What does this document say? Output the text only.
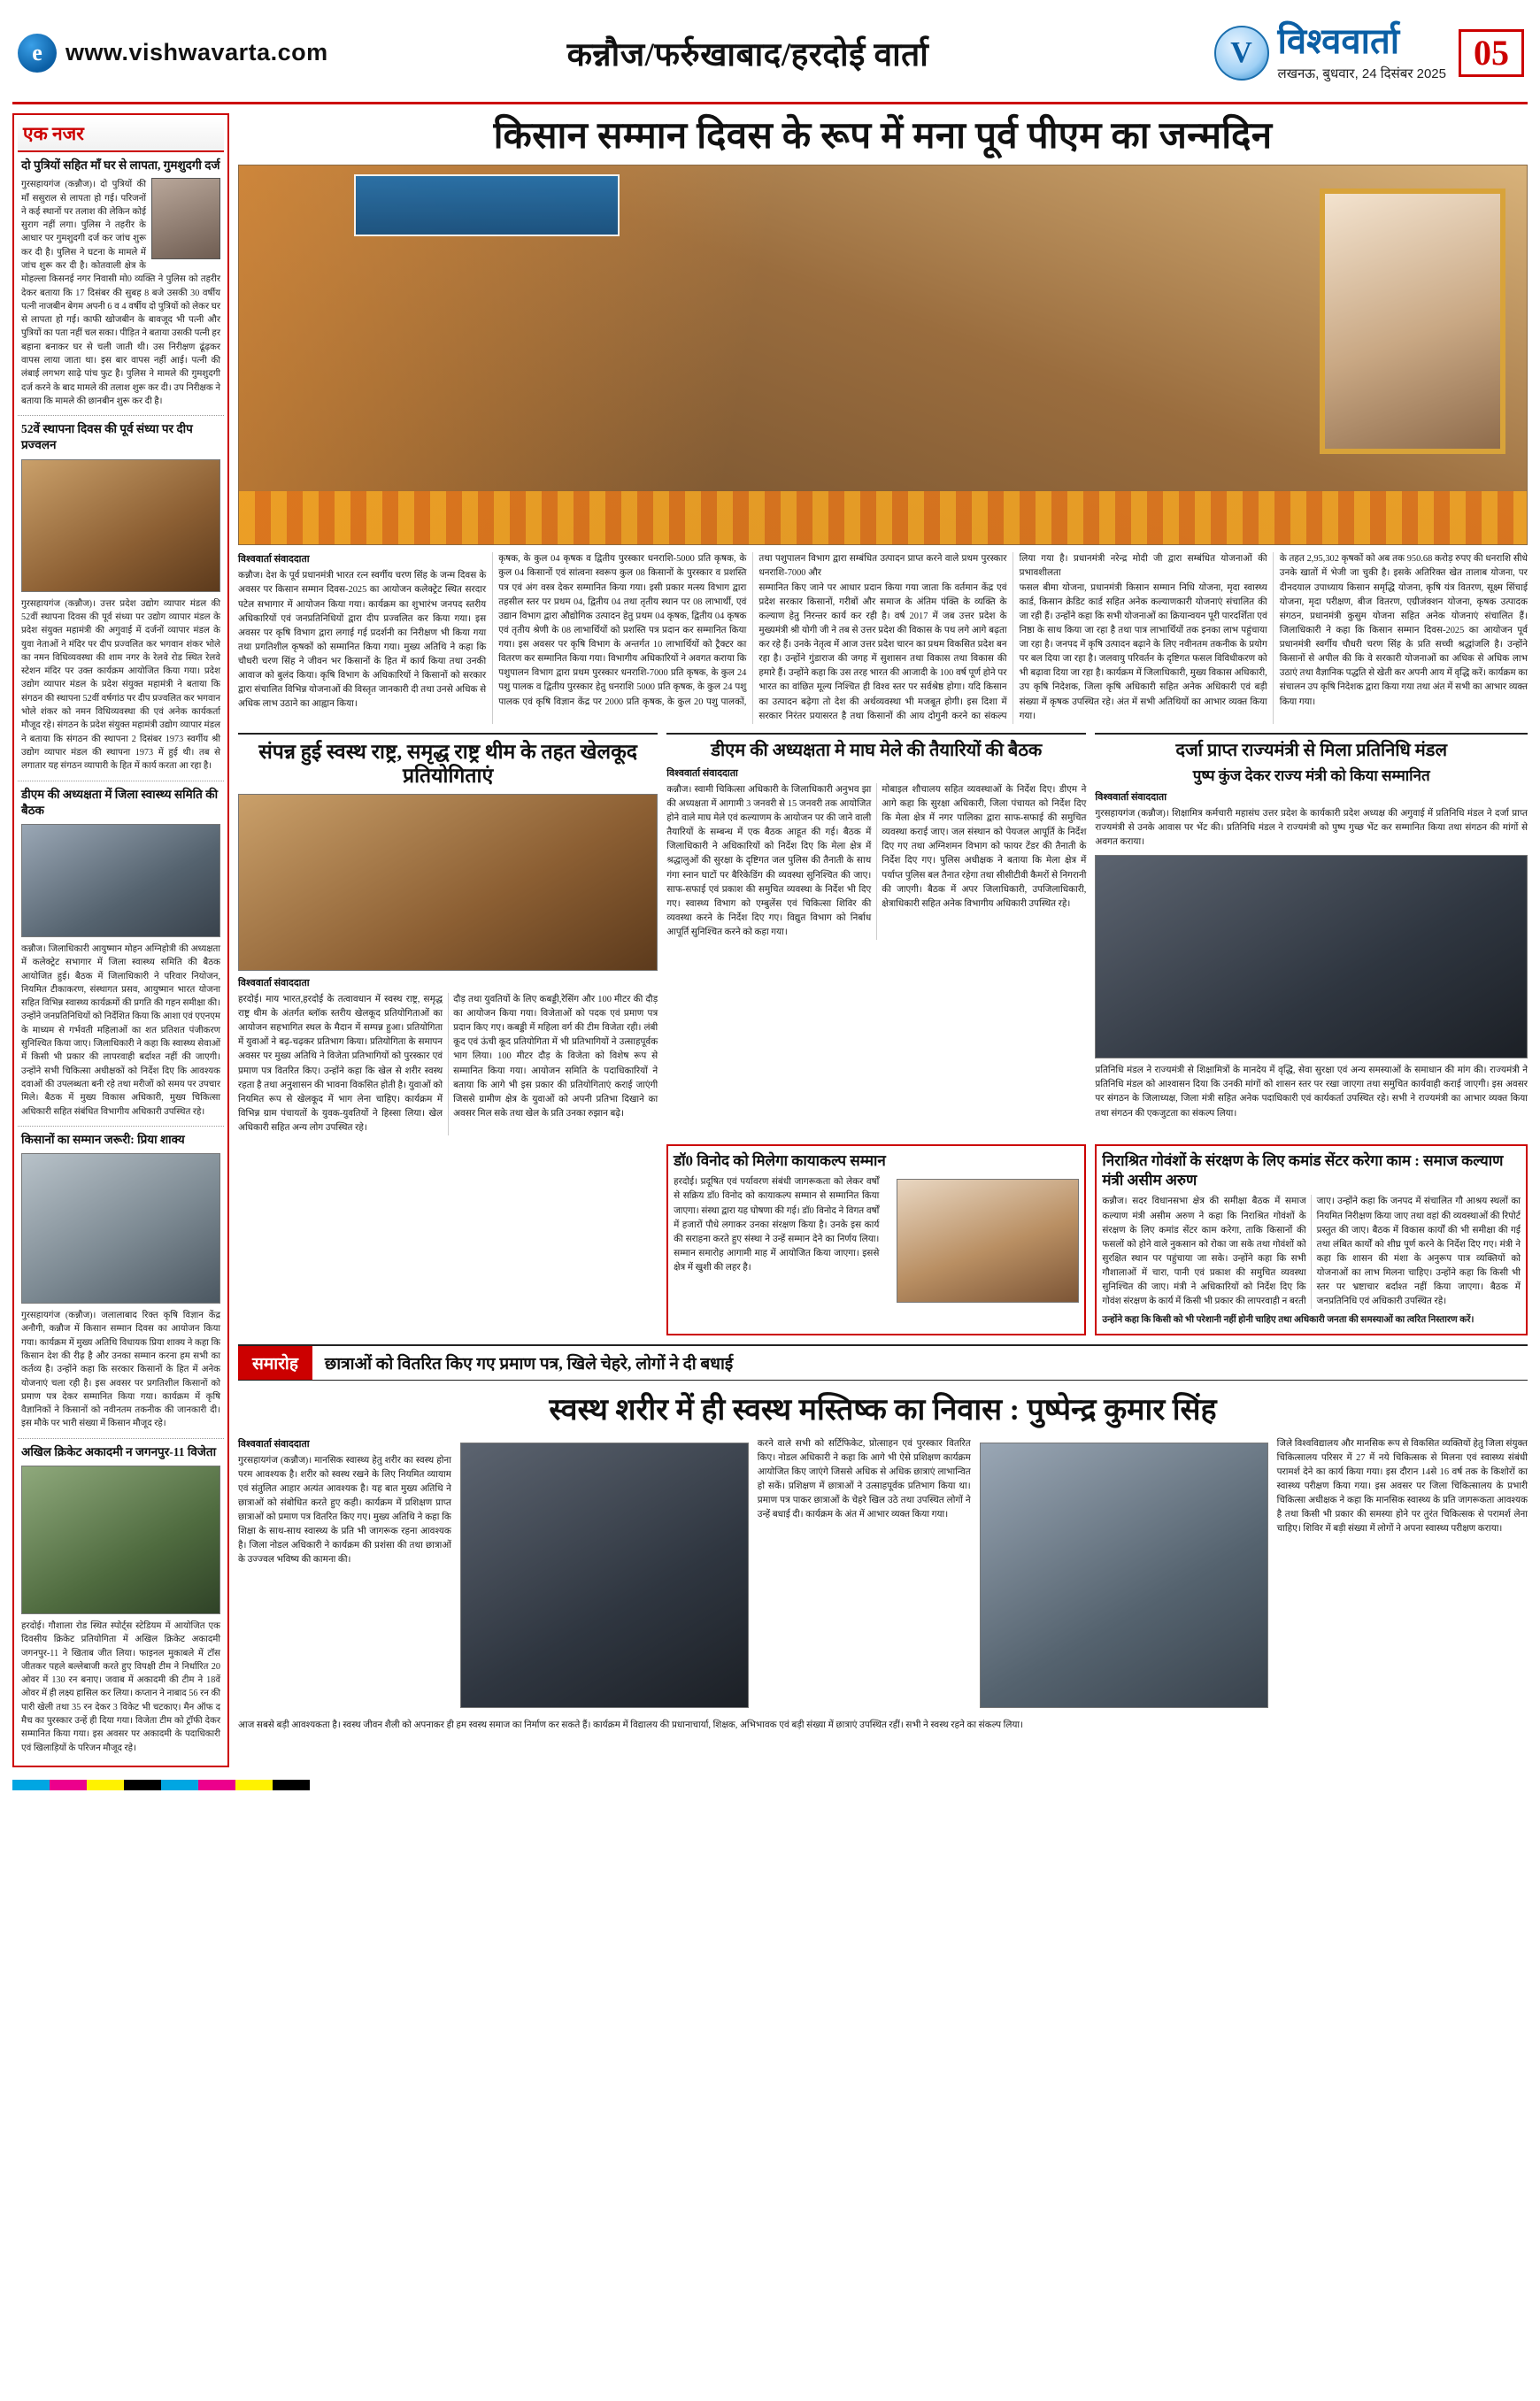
e www.vishwavarta.com	कन्नौज/फर्रुखाबाद/हरदोई वार्ता	V विश्ववार्ता
लखनऊ, बुधवार, 24 दिसंबर 2025
05
एक नजर
दो पुत्रियों सहित माँ घर से लापता, गुमशुदगी दर्ज
गुरसहायगंज (कन्नौज)। दो पुत्रियों की माँ ससुराल से लापता हो गई। परिजनों ने कई स्थानों पर तलाश की लेकिन कोई सुराग नहीं लगा। पुलिस ने तहरीर के आधार पर गुमशुदगी दर्ज कर जांच शुरू कर दी है। पुलिस ने घटना के मामले में जांच शुरू कर दी है। कोतवाली क्षेत्र के मोहल्ला किसनई नगर निवासी मो0 व्यक्ति ने पुलिस को तहरीर देकर बताया कि 17 दिसंबर की सुबह 8 बजे उसकी 30 वर्षीय पत्नी नाजबीन बेगम अपनी 6 व 4 वर्षीय दो पुत्रियों को लेकर घर से लापता हो गई। काफी खोजबीन के बावजूद भी पत्नी और पुत्रियों का पता नहीं चल सका। पीड़ित ने बताया उसकी पत्नी हर बहाना बनाकर घर से चली जाती थी। उस निरीक्षण ढूंढ़कर वापस लाया जाता था। इस बार वापस नहीं आई। पत्नी की लंबाई लगभग साढ़े पांच फुट है। पुलिस ने मामले की गुमशुदगी दर्ज करने के बाद मामले की तलाश शुरू कर दी। उप निरीक्षक ने बताया कि मामले की छानबीन शुरू कर दी है।
52वें स्थापना दिवस की पूर्व संध्या पर दीप प्रज्वलन
गुरसहायगंज (कन्नौज)। उत्तर प्रदेश उद्योग व्यापार मंडल की 52वीं स्थापना दिवस की पूर्व संध्या पर उद्योग व्यापार मंडल के प्रदेश संयुक्त महामंत्री की अगुवाई में दर्जनों व्यापार मंडल के युवा नेताओं ने मंदिर पर दीप प्रज्वलित कर भगवान शंकर भोले का नमन विधिव्यवस्था की शाम नगर के रेलवे रोड स्थित रेलवे स्टेशन मंदिर पर उक्त कार्यक्रम आयोजित किया गया। प्रदेश उद्योग व्यापार मंडल के प्रदेश संयुक्त महामंत्री ने बताया कि संगठन की स्थापना 52वीं वर्षगांठ पर दीप प्रज्वलित कर भगवान भोले शंकर को नमन विधिव्यवस्था की एवं अनेक कार्यकर्ता मौजूद रहे। संगठन के प्रदेश संयुक्त महामंत्री उद्योग व्यापार मंडल ने बताया कि संगठन की स्थापना 2 दिसंबर 1973 स्वर्गीय श्री उद्योग व्यापार मंडल की स्थापना 1973 में हुई थी। तब से लगातार यह संगठन व्यापारी के हित में कार्य करता आ रहा है।
डीएम की अध्यक्षता में जिला स्वास्थ्य समिति की बैठक
कन्नौज। जिलाधिकारी आयुष्मान मोहन अग्निहोत्री की अध्यक्षता में कलेक्ट्रेट सभागार में जिला स्वास्थ्य समिति की बैठक आयोजित हुई। बैठक में जिलाधिकारी ने परिवार नियोजन, नियमित टीकाकरण, संस्थागत प्रसव, आयुष्मान भारत योजना सहित विभिन्न स्वास्थ्य कार्यक्रमों की प्रगति की गहन समीक्षा की। उन्होंने जनप्रतिनिधियों को निर्देशित किया कि आशा एवं एएनएम के माध्यम से गर्भवती महिलाओं का शत प्रतिशत पंजीकरण सुनिश्चित किया जाए। जिलाधिकारी ने कहा कि स्वास्थ्य सेवाओं में किसी भी प्रकार की लापरवाही बर्दाश्त नहीं की जाएगी। उन्होंने सभी चिकित्सा अधीक्षकों को निर्देश दिए कि आवश्यक दवाओं की उपलब्धता बनी रहे तथा मरीजों को समय पर उपचार मिले। बैठक में मुख्य विकास अधिकारी, मुख्य चिकित्सा अधिकारी सहित संबंधित विभागीय अधिकारी उपस्थित रहे।
किसानों का सम्मान जरूरी: प्रिया शाक्य
गुरसहायगंज (कन्नौज)। जलालाबाद रिक्त कृषि विज्ञान केंद्र अनौगी, कन्नौज में किसान सम्मान दिवस का आयोजन किया गया। कार्यक्रम में मुख्य अतिथि विधायक प्रिया शाक्य ने कहा कि किसान देश की रीढ़ है और उनका सम्मान करना हम सभी का कर्तव्य है। उन्होंने कहा कि सरकार किसानों के हित में अनेक योजनाएं चला रही है। इस अवसर पर प्रगतिशील किसानों को प्रमाण पत्र देकर सम्मानित किया गया। कार्यक्रम में कृषि वैज्ञानिकों ने किसानों को नवीनतम तकनीक की जानकारी दी। इस मौके पर भारी संख्या में किसान मौजूद रहे।
अखिल क्रिकेट अकादमी न जगनपुर-11 विजेता
हरदोई। गौशाला रोड स्थित स्पोर्ट्स स्टेडियम में आयोजित एक दिवसीय क्रिकेट प्रतियोगिता में अखिल क्रिकेट अकादमी जगनपुर-11 ने खिताब जीत लिया। फाइनल मुकाबले में टॉस जीतकर पहले बल्लेबाजी करते हुए विपक्षी टीम ने निर्धारित 20 ओवर में 130 रन बनाए। जवाब में अकादमी की टीम ने 18वें ओवर में ही लक्ष्य हासिल कर लिया। कप्तान ने नाबाद 56 रन की पारी खेली तथा 35 रन देकर 3 विकेट भी चटकाए। मैन ऑफ द मैच का पुरस्कार उन्हें ही दिया गया। विजेता टीम को ट्रॉफी देकर सम्मानित किया गया। इस अवसर पर अकादमी के पदाधिकारी एवं खिलाड़ियों के परिजन मौजूद रहे।
किसान सम्मान दिवस के रूप में मना पूर्व पीएम का जन्मदिन
विश्ववार्ता संवाददाता
कन्नौज। देश के पूर्व प्रधानमंत्री भारत रत्न स्वर्गीय चरण सिंह के जन्म दिवस के अवसर पर किसान सम्मान दिवस-2025 का आयोजन कलेक्ट्रेट स्थित सरदार पटेल सभागार में आयोजन किया गया। कार्यक्रम का शुभारंभ जनपद स्तरीय अधिकारियों एवं जनप्रतिनिधियों द्वारा दीप प्रज्वलित कर किया गया। इस अवसर पर कृषि विभाग द्वारा लगाई गई प्रदर्शनी का निरीक्षण भी किया गया तथा प्रगतिशील कृषकों को सम्मानित किया गया। मुख्य अतिथि ने कहा कि चौधरी चरण सिंह ने जीवन भर किसानों के हित में कार्य किया तथा उनकी आवाज को बुलंद किया। कृषि विभाग के अधिकारियों ने किसानों को सरकार द्वारा संचालित विभिन्न योजनाओं की विस्तृत जानकारी दी तथा उनसे अधिक से अधिक लाभ उठाने का आह्वान किया।
कृषक, के कुल 04 कृषक व द्वितीय पुरस्कार धनराशि-5000 प्रति कृषक, के कुल 04 किसानों एवं सांत्वना स्वरूप कुल 08 किसानों के पुरस्कार व प्रशस्ति पत्र एवं अंग वस्त्र देकर सम्मानित किया गया। इसी प्रकार मत्स्य विभाग द्वारा तहसील स्तर पर प्रथम 04, द्वितीय 04 तथा तृतीय स्थान पर 08 लाभार्थी, एवं उद्यान विभाग द्वारा औद्योगिक उत्पादन हेतु प्रथम 04 कृषक, द्वितीय 04 कृषक एवं तृतीय श्रेणी के 08 लाभार्थियों को प्रशस्ति पत्र प्रदान कर सम्मानित किया गया। इस अवसर पर कृषि विभाग के अन्तर्गत 10 लाभार्थियों को ट्रैक्टर का वितरण कर सम्मानित किया गया। विभागीय अधिकारियों ने अवगत कराया कि पशुपालन विभाग द्वारा प्रथम पुरस्कार धनराशि-7000 प्रति कृषक, के कुल 24 पशु पालक व द्वितीय पुरस्कार हेतु धनराशि 5000 प्रति कृषक, के कुल 24 पशु पालक एवं कृषि विज्ञान केंद्र पर 2000 प्रति कृषक, के कुल 20 पशु पालकों, तथा पशुपालन विभाग द्वारा सम्बंधित उत्पादन प्राप्त करने वाले प्रथम पुरस्कार धनराशि-7000 और
सम्मानित किए जाने पर आधार प्रदान किया गया जाता कि वर्तमान केंद्र एवं प्रदेश सरकार किसानों, गरीबों और समाज के अंतिम पंक्ति के व्यक्ति के कल्याण हेतु निरन्तर कार्य कर रही है। वर्ष 2017 में जब उत्तर प्रदेश के मुख्यमंत्री श्री योगी जी ने तब से उत्तर प्रदेश की विकास के पथ लगे आगे बढ़ता कर रहे हैं। उनके नेतृत्व में आज उत्तर प्रदेश चारन का प्रथम विकसित प्रदेश बन रहा है। उन्होंने गुंडाराज की जगह में सुशासन तथा विकास तथा विकास की हमारे हैं। उन्होंने कहा कि उस तरह भारत की आजादी के 100 वर्ष पूर्ण होने पर भारत का वांछित मूल्य निश्चित ही विश्व स्तर पर सर्वश्रेष्ठ होगा। यदि किसान का उत्पादन बढ़ेगा तो देश की अर्थव्यवस्था भी मजबूत होगी। इस दिशा में सरकार निरंतर प्रयासरत है तथा किसानों की आय दोगुनी करने का संकल्प लिया गया है। प्रधानमंत्री नरेन्द्र मोदी जी द्वारा सम्बंधित योजनाओं की प्रभावशीलता
फसल बीमा योजना, प्रधानमंत्री किसान सम्मान निधि योजना, मृदा स्वास्थ्य कार्ड, किसान क्रेडिट कार्ड सहित अनेक कल्याणकारी योजनाएं संचालित की जा रही हैं। उन्होंने कहा कि सभी योजनाओं का क्रियान्वयन पूरी पारदर्शिता एवं निष्ठा के साथ किया जा रहा है तथा पात्र लाभार्थियों तक इनका लाभ पहुंचाया जा रहा है। जनपद में कृषि उत्पादन बढ़ाने के लिए नवीनतम तकनीक के प्रयोग पर बल दिया जा रहा है। जलवायु परिवर्तन के दृष्टिगत फसल विविधीकरण को भी बढ़ावा दिया जा रहा है। कार्यक्रम में जिलाधिकारी, मुख्य विकास अधिकारी, उप कृषि निदेशक, जिला कृषि अधिकारी सहित अनेक अधिकारी एवं बड़ी संख्या में कृषक उपस्थित रहे। अंत में सभी अतिथियों का आभार व्यक्त किया गया।
के तहत 2,95,302 कृषकों को अब तक 950.68 करोड़ रुपए की धनराशि सीधे उनके खातों में भेजी जा चुकी है। इसके अतिरिक्त खेत तालाब योजना, पर दीनदयाल उपाध्याय किसान समृद्धि योजना, कृषि यंत्र वितरण, सूक्ष्म सिंचाई योजना, मृदा परीक्षण, बीज वितरण, एग्रीजंक्शन योजना, कृषक उत्पादक संगठन, प्रधानमंत्री कुसुम योजना सहित अनेक योजनाएं संचालित हैं। जिलाधिकारी ने कहा कि किसान सम्मान दिवस-2025 का आयोजन पूर्व प्रधानमंत्री स्वर्गीय चौधरी चरण सिंह के प्रति सच्ची श्रद्धांजलि है। उन्होंने किसानों से अपील की कि वे सरकारी योजनाओं का अधिक से अधिक लाभ उठाएं तथा वैज्ञानिक पद्धति से खेती कर अपनी आय में वृद्धि करें। कार्यक्रम का संचालन उप कृषि निदेशक द्वारा किया गया तथा अंत में सभी का आभार व्यक्त किया गया।
संपन्न हुई स्वस्थ राष्ट्र, समृद्ध राष्ट्र थीम के तहत खेलकूद प्रतियोगिताएं
विश्ववार्ता संवाददाता
हरदोई। माय भारत,हरदोई के तत्वावधान में स्वस्थ राष्ट्र, समृद्ध राष्ट्र थीम के अंतर्गत ब्लॉक स्तरीय खेलकूद प्रतियोगिताओं का आयोजन सहभागित स्थल के मैदान में सम्पन्न हुआ। प्रतियोगिता में युवाओं ने बढ़-चढ़कर प्रतिभाग किया। प्रतियोगिता के समापन अवसर पर मुख्य अतिथि ने विजेता प्रतिभागियों को पुरस्कार एवं प्रमाण पत्र वितरित किए। उन्होंने कहा कि खेल से शरीर स्वस्थ रहता है तथा अनुशासन की भावना विकसित होती है। युवाओं को नियमित रूप से खेलकूद में भाग लेना चाहिए। कार्यक्रम में विभिन्न ग्राम पंचायतों के युवक-युवतियों ने हिस्सा लिया। खेल अधिकारी सहित अन्य लोग उपस्थित रहे।
दौड़ तथा युवतियों के लिए कबड्डी,रेसिंग और 100 मीटर की दौड़ का आयोजन किया गया। विजेताओं को पदक एवं प्रमाण पत्र प्रदान किए गए। कबड्डी में महिला वर्ग की टीम विजेता रही। लंबी कूद एवं ऊंची कूद प्रतियोगिता में भी प्रतिभागियों ने उत्साहपूर्वक भाग लिया। 100 मीटर दौड़ के विजेता को विशेष रूप से सम्मानित किया गया। आयोजन समिति के पदाधिकारियों ने बताया कि आगे भी इस प्रकार की प्रतियोगिताएं कराई जाएंगी जिससे ग्रामीण क्षेत्र के युवाओं को अपनी प्रतिभा दिखाने का अवसर मिल सके तथा खेल के प्रति उनका रुझान बढ़े।
डीएम की अध्यक्षता मे माघ मेले की तैयारियों की बैठक
विश्ववार्ता संवाददाता
कन्नौज। स्वामी चिकित्सा अधिकारी के जिलाधिकारी अनुभव झा की अध्यक्षता में आगामी 3 जनवरी से 15 जनवरी तक आयोजित होने वाले माघ मेले एवं कल्याणम के आयोजन पर की जाने वाली तैयारियों के सम्बन्ध में एक बैठक आहूत की गई। बैठक में जिलाधिकारी ने अधिकारियों को निर्देश दिए कि मेला क्षेत्र में श्रद्धालुओं की सुरक्षा के दृष्टिगत जल पुलिस की तैनाती के साथ गंगा स्नान घाटों पर बैरिकेडिंग की व्यवस्था सुनिश्चित की जाए। साफ-सफाई एवं प्रकाश की समुचित व्यवस्था के निर्देश भी दिए गए। स्वास्थ्य विभाग को एम्बुलेंस एवं चिकित्सा शिविर की व्यवस्था करने के निर्देश दिए गए। विद्युत विभाग को निर्बाध आपूर्ति सुनिश्चित करने को कहा गया।
मोबाइल शौचालय सहित व्यवस्थाओं के निर्देश दिए। डीएम ने आगे कहा कि सुरक्षा अधिकारी, जिला पंचायत को निर्देश दिए कि मेला क्षेत्र में नगर पालिका द्वारा साफ-सफाई की समुचित व्यवस्था कराई जाए। जल संस्थान को पेयजल आपूर्ति के निर्देश दिए गए तथा अग्निशमन विभाग को फायर टेंडर की तैनाती के निर्देश दिए गए। पुलिस अधीक्षक ने बताया कि मेला क्षेत्र में पर्याप्त पुलिस बल तैनात रहेगा तथा सीसीटीवी कैमरों से निगरानी की जाएगी। बैठक में अपर जिलाधिकारी, उपजिलाधिकारी, क्षेत्राधिकारी सहित अनेक विभागीय अधिकारी उपस्थित रहे।
दर्जा प्राप्त राज्यमंत्री से मिला प्रतिनिधि मंडल
पुष्प कुंज देकर राज्य मंत्री को किया सम्मानित
विश्ववार्ता संवाददाता
गुरसहायगंज (कन्नौज)। शिक्षामित्र कर्मचारी महासंघ उत्तर प्रदेश के कार्यकारी प्रदेश अध्यक्ष की अगुवाई में प्रतिनिधि मंडल ने दर्जा प्राप्त राज्यमंत्री से उनके आवास पर भेंट की। प्रतिनिधि मंडल ने राज्यमंत्री को पुष्प गुच्छ भेंट कर सम्मानित किया तथा संगठन की मांगों से अवगत कराया।
प्रतिनिधि मंडल ने राज्यमंत्री से शिक्षामित्रों के मानदेय में वृद्धि, सेवा सुरक्षा एवं अन्य समस्याओं के समाधान की मांग की। राज्यमंत्री ने प्रतिनिधि मंडल को आश्वासन दिया कि उनकी मांगों को शासन स्तर पर रखा जाएगा तथा समुचित कार्यवाही कराई जाएगी। इस अवसर पर संगठन के जिलाध्यक्ष, जिला मंत्री सहित अनेक पदाधिकारी एवं कार्यकर्ता उपस्थित रहे। सभी ने राज्यमंत्री का आभार व्यक्त किया तथा संगठन की एकजुटता का संकल्प लिया।
डॉ0 विनोद को मिलेगा कायाकल्प सम्मान
हरदोई। प्रदूषित एवं पर्यावरण संबंधी जागरूकता को लेकर वर्षों से सक्रिय डॉ0 विनोद को कायाकल्प सम्मान से सम्मानित किया जाएगा। संस्था द्वारा यह घोषणा की गई। डॉ0 विनोद ने विगत वर्षों में हजारों पौधे लगाकर उनका संरक्षण किया है। उनके इस कार्य की सराहना करते हुए संस्था ने उन्हें सम्मान देने का निर्णय लिया। सम्मान समारोह आगामी माह में आयोजित किया जाएगा। इससे क्षेत्र में खुशी की लहर है।
निराश्रित गोवंशों के संरक्षण के लिए कमांड सेंटर करेगा काम : समाज कल्याण मंत्री असीम अरुण
कन्नौज। सदर विधानसभा क्षेत्र की समीक्षा बैठक में समाज कल्याण मंत्री असीम अरुण ने कहा कि निराश्रित गोवंशों के संरक्षण के लिए कमांड सेंटर काम करेगा, ताकि किसानों की फसलों को होने वाले नुकसान को रोका जा सके तथा गोवंशों को सुरक्षित स्थान पर पहुंचाया जा सके। उन्होंने कहा कि सभी गौशालाओं में चारा, पानी एवं प्रकाश की समुचित व्यवस्था सुनिश्चित की जाए। मंत्री ने अधिकारियों को निर्देश दिए कि गोवंश संरक्षण के कार्य में किसी भी प्रकार की लापरवाही न बरती जाए। उन्होंने कहा कि जनपद में संचालित गौ आश्रय स्थलों का नियमित निरीक्षण किया जाए तथा वहां की व्यवस्थाओं की रिपोर्ट प्रस्तुत की जाए। बैठक में विकास कार्यों की भी समीक्षा की गई तथा लंबित कार्यों को शीघ्र पूर्ण करने के निर्देश दिए गए। मंत्री ने कहा कि शासन की मंशा के अनुरूप पात्र व्यक्तियों को योजनाओं का लाभ मिलना चाहिए। उन्होंने कहा कि किसी भी स्तर पर भ्रष्टाचार बर्दाश्त नहीं किया जाएगा। बैठक में जनप्रतिनिधि एवं अधिकारी उपस्थित रहे।
उन्होंने कहा कि किसी को भी परेशानी नहीं होनी चाहिए तथा अधिकारी जनता की समस्याओं का त्वरित निस्तारण करें।
समारोह	छात्राओं को वितरित किए गए प्रमाण पत्र, खिले चेहरे, लोगों ने दी बधाई
स्वस्थ शरीर में ही स्वस्थ मस्तिष्क का निवास : पुष्पेन्द्र कुमार सिंह
विश्ववार्ता संवाददाता
गुरसहायगंज (कन्नौज)। मानसिक स्वास्थ्य हेतु शरीर का स्वस्थ होना परम आवश्यक है। शरीर को स्वस्थ रखने के लिए नियमित व्यायाम एवं संतुलित आहार अत्यंत आवश्यक है। यह बात मुख्य अतिथि ने छात्राओं को संबोधित करते हुए कही। कार्यक्रम में प्रशिक्षण प्राप्त छात्राओं को प्रमाण पत्र वितरित किए गए। मुख्य अतिथि ने कहा कि शिक्षा के साथ-साथ स्वास्थ्य के प्रति भी जागरूक रहना आवश्यक है। जिला नोडल अधिकारी ने कार्यक्रम की प्रशंसा की तथा छात्राओं के उज्ज्वल भविष्य की कामना की।
करने वाले सभी को सर्टिफिकेट, प्रोत्साहन एवं पुरस्कार वितरित किए। नोडल अधिकारी ने कहा कि आगे भी ऐसे प्रशिक्षण कार्यक्रम आयोजित किए जाएंगे जिससे अधिक से अधिक छात्राएं लाभान्वित हो सकें। प्रशिक्षण में छात्राओं ने उत्साहपूर्वक प्रतिभाग किया था। प्रमाण पत्र पाकर छात्राओं के चेहरे खिल उठे तथा उपस्थित लोगों ने उन्हें बधाई दी। कार्यक्रम के अंत में आभार व्यक्त किया गया।
जिले विश्वविद्यालय और मानसिक रूप से विकसित व्यक्तियों हेतु जिला संयुक्त चिकित्सालय परिसर में 27 में नये चिकित्सक से मिलना एवं स्वास्थ्य संबंधी परामर्श देने का कार्य किया गया। इस दौरान 14से 16 वर्ष तक के किशोरों का स्वास्थ्य परीक्षण किया गया। इस अवसर पर जिला चिकित्सालय के प्रभारी चिकित्सा अधीक्षक ने कहा कि मानसिक स्वास्थ्य के प्रति जागरूकता आवश्यक है तथा किसी भी प्रकार की समस्या होने पर तुरंत चिकित्सक से परामर्श लेना चाहिए। शिविर में बड़ी संख्या में लोगों ने अपना स्वास्थ्य परीक्षण कराया।
आज सबसे बड़ी आवश्यकता है। स्वस्थ जीवन शैली को अपनाकर ही हम स्वस्थ समाज का निर्माण कर सकते हैं। कार्यक्रम में विद्यालय की प्रधानाचार्या, शिक्षक, अभिभावक एवं बड़ी संख्या में छात्राएं उपस्थित रहीं। सभी ने स्वस्थ रहने का संकल्प लिया।
